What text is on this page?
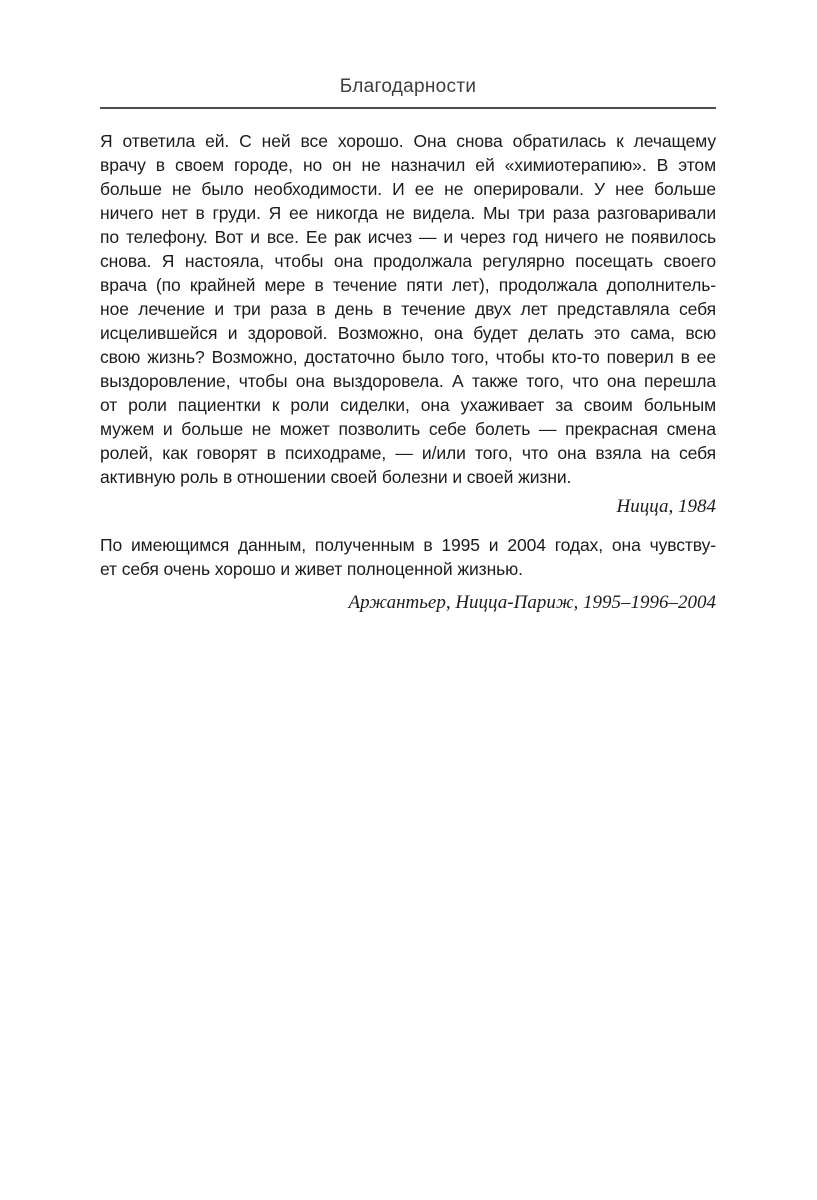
Благодарности
Я ответила ей. С ней все хорошо. Она снова обратилась к лечащему
врачу в своем городе, но он не назначил ей «химиотерапию». В этом
больше не было необходимости. И ее не оперировали. У нее больше
ничего нет в груди. Я ее никогда не видела. Мы три раза разговаривали
по телефону. Вот и все. Ее рак исчез — и через год ничего не появилось
снова. Я настояла, чтобы она продолжала регулярно посещать своего
врача (по крайней мере в течение пяти лет), продолжала дополнитель-
ное лечение и три раза в день в течение двух лет представляла себя
исцелившейся и здоровой. Возможно, она будет делать это сама, всю
свою жизнь? Возможно, достаточно было того, чтобы кто-то поверил в ее
выздоровление, чтобы она выздоровела. А также того, что она перешла
от роли пациентки к роли сиделки, она ухаживает за своим больным
мужем и больше не может позволить себе болеть — прекрасная смена
ролей, как говорят в психодраме, — и/или того, что она взяла на себя
активную роль в отношении своей болезни и своей жизни.
Ницца, 1984
По имеющимся данным, полученным в 1995 и 2004 годах, она чувству-
ет себя очень хорошо и живет полноценной жизнью.
Аржантьер, Ницца-Париж, 1995–1996–2004
